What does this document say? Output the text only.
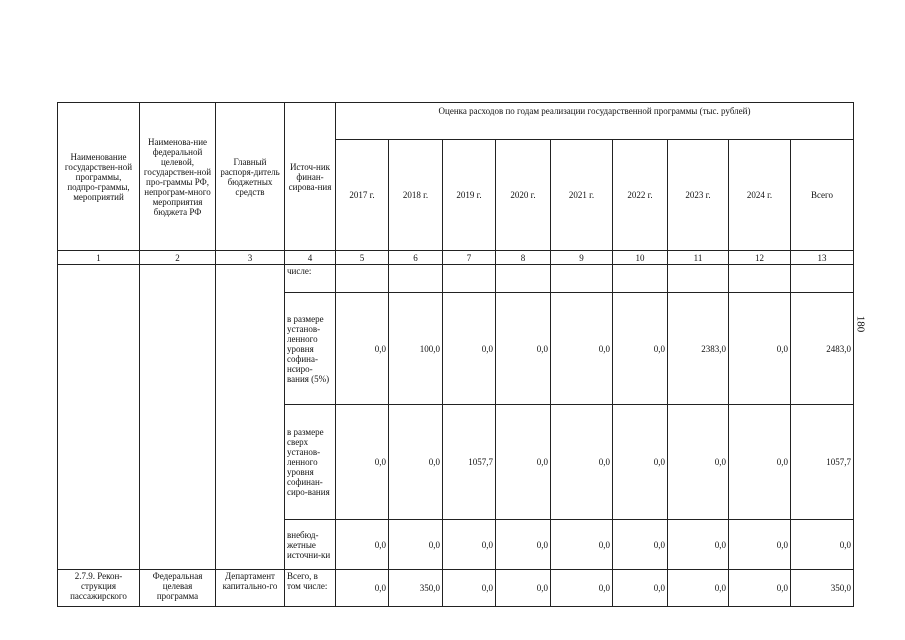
Наименование государствен-ной программы, подпро-граммы, мероприятий	Наименова-ние федеральной целевой, государствен-ной про-граммы РФ, непрограм-много мероприятия бюджета РФ	Главный распоря-дитель бюджетных средств	Источ-ник финан-сирова-ния	Оценка расходов по годам реализации государственной программы (тыс. рублей)								
				2017 г.	2018 г.	2019 г.	2020 г.	2021 г.	2022 г.	2023 г.	2024 г.	Всего
1	2	3	4	5	6	7	8	9	10	11	12	13
			числе:									
			в размере установ-ленного уровня софина-нсиро-вания (5%)	0,0	100,0	0,0	0,0	0,0	0,0	2383,0	0,0	2483,0
			в размере сверх установ-ленного уровня софинан-сиро-вания	0,0	0,0	1057,7	0,0	0,0	0,0	0,0	0,0	1057,7
			внебюд-жетные источни-ки	0,0	0,0	0,0	0,0	0,0	0,0	0,0	0,0	0,0
2.7.9. Рекон-струкция пассажирского	Федеральная целевая программа	Департамент капитально-го	Всего, в том числе:	0,0	350,0	0,0	0,0	0,0	0,0	0,0	0,0	350,0
180
